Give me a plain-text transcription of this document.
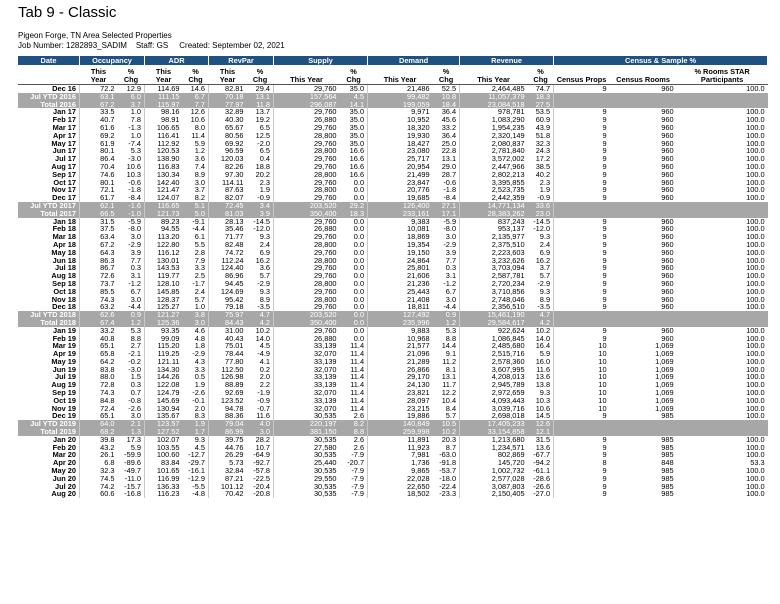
Tab 9 - Classic
Pigeon Forge, TN Area Selected Properties
Job Number: 1282893_SADIM    Staff: GS     Created: September 02, 2021
Date	Occupancy		ADR		RevPar		Supply		Demand		Revenue		Census & Sample %		
	This Year	% Chg	This Year	% Chg	This Year	% Chg	This Year	% Chg	This Year	% Chg	This Year	% Chg	Census Props	Census Rooms	% Rooms STAR Participants
Dec 16	72.2	12.9	114.69	14.6	82.81	29.4	29,760	35.0	21,486	52.5	2,464,485	74.7	9	960	100.0
Jul YTD 2016	63.1	6.0	111.15	6.7	70.18	13.1	157,564	4.5	99,482	10.8	11,057,379	18.3			
Total 2016	67.2	3.7	115.97	7.7	77.97	11.8	296,087	14.1	199,059	18.4	23,084,518	27.5			
Jan 17	33.5	1.0	98.16	12.6	32.89	13.7	29,760	35.0	9,971	36.4	978,781	53.5	9	960	100.0
Feb 17	40.7	7.8	98.91	10.6	40.30	19.2	26,880	35.0	10,952	45.6	1,083,290	60.9	9	960	100.0
Mar 17	61.6	-1.3	106.65	8.0	65.67	6.5	29,760	35.0	18,320	33.2	1,954,235	43.9	9	960	100.0
Apr 17	69.2	1.0	116.41	11.4	80.56	12.5	28,800	35.0	19,930	36.4	2,320,149	51.8	9	960	100.0
May 17	61.9	-7.4	112.92	5.9	69.92	-2.0	29,760	35.0	18,427	25.0	2,080,837	32.3	9	960	100.0
Jun 17	80.1	5.3	120.53	1.2	96.59	6.5	28,800	16.6	23,080	22.8	2,781,840	24.3	9	960	100.0
Jul 17	86.4	-3.0	138.90	3.6	120.03	0.4	29,760	16.6	25,717	13.1	3,572,002	17.2	9	960	100.0
Aug 17	70.4	10.6	116.83	7.4	82.26	18.8	29,760	16.6	20,954	29.0	2,447,966	38.5	9	960	100.0
Sep 17	74.6	10.3	130.34	8.9	97.30	20.2	28,800	16.6	21,499	28.7	2,802,213	40.2	9	960	100.0
Oct 17	80.1	-0.6	142.40	3.0	114.11	2.3	29,760	0.0	23,847	-0.6	3,395,855	2.3	9	960	100.0
Nov 17	72.1	-1.8	121.47	3.7	87.63	1.9	28,800	0.0	20,776	-1.8	2,523,735	1.9	9	960	100.0
Dec 17	61.7	-8.4	124.07	8.2	82.07	-0.9	29,760	0.0	19,685	-8.4	2,442,359	-0.9	9	960	100.0
Jul YTD 2017	62.1	-1.6	116.65	5.1	72.45	3.4	203,520	29.2	126,400	27.1	14,771,134	33.6			
Total 2017	66.5	-1.0	121.73	5.0	81.03	3.9	350,400	18.3	233,161	17.1	28,383,262	23.0			
Jan 18	31.5	-5.9	89.23	-9.1	28.13	-14.5	29,760	0.0	9,383	-5.9	837,243	-14.5	9	960	100.0
Feb 18	37.5	-8.0	94.55	-4.4	35.46	-12.0	26,880	0.0	10,081	-8.0	953,137	-12.0	9	960	100.0
Mar 18	63.4	3.0	113.20	6.1	71.77	9.3	29,760	0.0	18,869	3.0	2,135,977	9.3	9	960	100.0
Apr 18	67.2	-2.9	122.80	5.5	82.48	2.4	28,800	0.0	19,354	-2.9	2,375,510	2.4	9	960	100.0
May 18	64.3	3.9	116.12	2.8	74.72	6.9	29,760	0.0	19,150	3.9	2,223,603	6.9	9	960	100.0
Jun 18	86.3	7.7	130.01	7.9	112.24	16.2	28,800	0.0	24,864	7.7	3,232,626	16.2	9	960	100.0
Jul 18	86.7	0.3	143.53	3.3	124.40	3.6	29,760	0.0	25,801	0.3	3,703,094	3.7	9	960	100.0
Aug 18	72.6	3.1	119.77	2.5	86.96	5.7	29,760	0.0	21,606	3.1	2,587,781	5.7	9	960	100.0
Sep 18	73.7	-1.2	128.10	-1.7	94.45	-2.9	28,800	0.0	21,236	-1.2	2,720,234	-2.9	9	960	100.0
Oct 18	85.5	6.7	145.85	2.4	124.69	9.3	29,760	0.0	25,443	6.7	3,710,856	9.3	9	960	100.0
Nov 18	74.3	3.0	128.37	5.7	95.42	8.9	28,800	0.0	21,408	3.0	2,748,046	8.9	9	960	100.0
Dec 18	63.2	-4.4	125.27	1.0	79.18	-3.5	29,760	0.0	18,811	-4.4	2,356,510	-3.5	9	960	100.0
Jul YTD 2018	62.6	0.9	121.27	3.8	75.97	4.7	203,520	0.0	127,492	0.9	15,461,190	4.7			
Total 2018	67.4	1.2	125.36	3.0	84.43	4.2	350,400	0.0	235,996	1.2	29,584,617	4.2			
Jan 19	33.2	5.3	93.35	4.6	31.00	10.2	29,760	0.0	9,883	5.3	922,624	10.2	9	960	100.0
Feb 19	40.8	8.8	99.09	4.8	40.43	14.0	26,880	0.0	10,968	8.8	1,086,845	14.0	9	960	100.0
Mar 19	65.1	2.7	115.20	1.8	75.01	4.5	33,139	11.4	21,577	14.4	2,485,680	16.4	10	1,069	100.0
Apr 19	65.8	-2.1	119.25	-2.9	78.44	-4.9	32,070	11.4	21,096	9.1	2,515,716	5.9	10	1,069	100.0
May 19	64.2	-0.2	121.11	4.3	77.80	4.1	33,139	11.4	21,289	11.2	2,578,360	16.0	10	1,069	100.0
Jun 19	83.8	-3.0	134.30	3.3	112.50	0.2	32,070	11.4	26,866	8.1	3,607,995	11.6	10	1,069	100.0
Jul 19	88.0	1.5	144.26	0.5	126.98	2.0	33,139	11.4	29,170	13.1	4,208,013	13.6	10	1,069	100.0
Aug 19	72.8	0.3	122.08	1.9	88.89	2.2	33,139	11.4	24,130	11.7	2,945,789	13.8	10	1,069	100.0
Sep 19	74.3	0.7	124.79	-2.6	92.69	-1.9	32,070	11.4	23,821	12.2	2,972,659	9.3	10	1,069	100.0
Oct 19	84.8	-0.8	145.69	-0.1	123.52	-0.9	33,139	11.4	28,097	10.4	4,093,443	10.3	10	1,069	100.0
Nov 19	72.4	-2.6	130.94	2.0	94.78	-0.7	32,070	11.4	23,215	8.4	3,039,716	10.6	10	1,069	100.0
Dec 19	65.1	3.0	135.67	8.3	88.36	11.6	30,535	2.6	19,886	5.7	2,698,018	14.5	9	985	100.0
Jul YTD 2019	64.0	2.1	123.57	1.9	79.04	4.0	220,197	8.2	140,849	10.5	17,405,233	12.6			
Total 2019	68.2	1.3	127.52	1.7	86.99	3.0	381,150	8.8	259,998	10.2	33,154,858	12.1			
Jan 20	39.8	17.3	102.07	9.3	39.75	28.2	30,535	2.6	11,891	20.3	1,213,680	31.5	9	985	100.0
Feb 20	43.2	5.9	103.55	4.5	44.76	10.7	27,580	2.6	11,923	8.7	1,234,571	13.6	9	985	100.0
Mar 20	26.1	-59.9	100.60	-12.7	26.29	-64.9	30,535	-7.9	7,981	-63.0	802,869	-67.7	9	985	100.0
Apr 20	6.8	-89.6	83.84	-29.7	5.73	-92.7	25,440	-20.7	1,736	-91.8	145,720	-94.2	8	848	53.3
May 20	32.3	-49.7	101.65	-16.1	32.84	-57.8	30,535	-7.9	9,865	-53.7	1,002,732	-61.1	9	985	100.0
Jun 20	74.5	-11.0	116.99	-12.9	87.21	-22.5	29,550	-7.9	22,028	-18.0	2,577,028	-28.6	9	985	100.0
Jul 20	74.2	-15.7	136.33	-5.5	101.12	-20.4	30,535	-7.9	22,650	-22.4	3,087,803	-26.6	9	985	100.0
Aug 20	60.6	-16.8	116.23	-4.8	70.42	-20.8	30,535	-7.9	18,502	-23.3	2,150,405	-27.0	9	985	100.0
